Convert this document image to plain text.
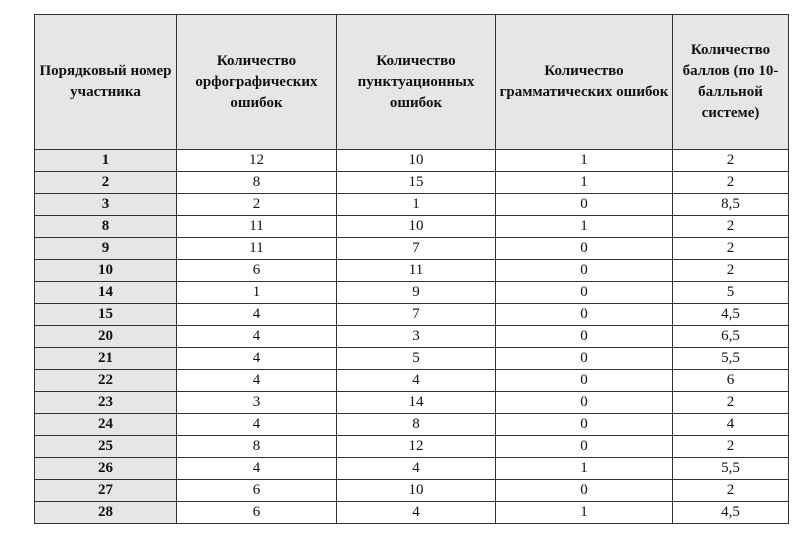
Порядковый номер участника	Количество орфографических ошибок	Количество пунктуационных ошибок	Количество грамматических ошибок	Количество баллов (по 10-балльной системе)
1	12	10	1	2
2	8	15	1	2
3	2	1	0	8,5
8	11	10	1	2
9	11	7	0	2
10	6	11	0	2
14	1	9	0	5
15	4	7	0	4,5
20	4	3	0	6,5
21	4	5	0	5,5
22	4	4	0	6
23	3	14	0	2
24	4	8	0	4
25	8	12	0	2
26	4	4	1	5,5
27	6	10	0	2
28	6	4	1	4,5
